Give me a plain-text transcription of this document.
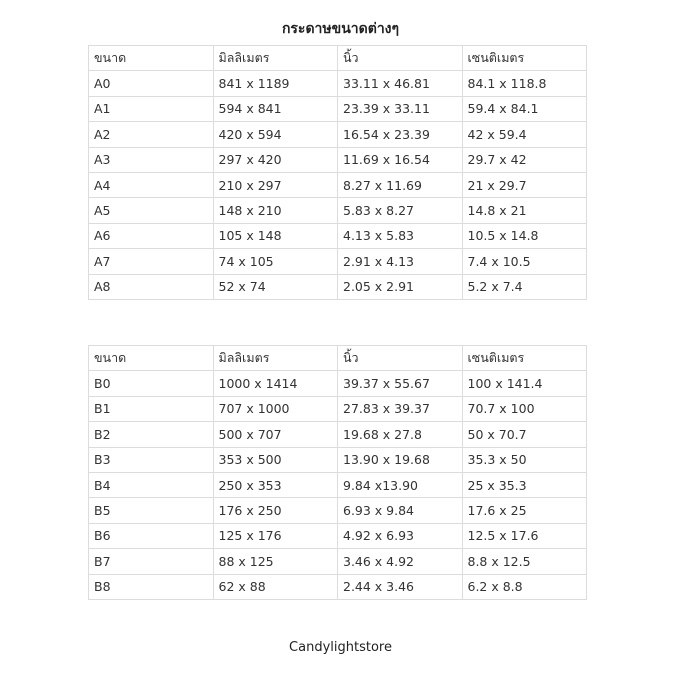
กระดาษขนาดต่างๆ
ขนาด	มิลลิเมตร	นิ้ว	เซนติเมตร
A0	841 x 1189	33.11 x 46.81	84.1 x 118.8
A1	594 x 841	23.39 x 33.11	59.4 x 84.1
A2	420 x 594	16.54 x 23.39	42 x 59.4
A3	297 x 420	11.69 x 16.54	29.7 x 42
A4	210 x 297	8.27 x 11.69	21 x 29.7
A5	148 x 210	5.83 x 8.27	14.8 x 21
A6	105 x 148	4.13 x 5.83	10.5 x 14.8
A7	74 x 105	2.91 x 4.13	7.4 x 10.5
A8	52 x 74	2.05 x 2.91	5.2 x 7.4
ขนาด	มิลลิเมตร	นิ้ว	เซนติเมตร
B0	1000 x 1414	39.37 x 55.67	100 x 141.4
B1	707 x 1000	27.83 x 39.37	70.7 x 100
B2	500 x 707	19.68 x 27.8	50 x 70.7
B3	353 x 500	13.90 x 19.68	35.3 x 50
B4	250 x 353	9.84 x13.90	25 x 35.3
B5	176 x 250	6.93 x 9.84	17.6 x 25
B6	125 x 176	4.92 x 6.93	12.5 x 17.6
B7	88 x 125	3.46 x 4.92	8.8 x 12.5
B8	62 x 88	2.44 x 3.46	6.2 x 8.8
Candylightstore
